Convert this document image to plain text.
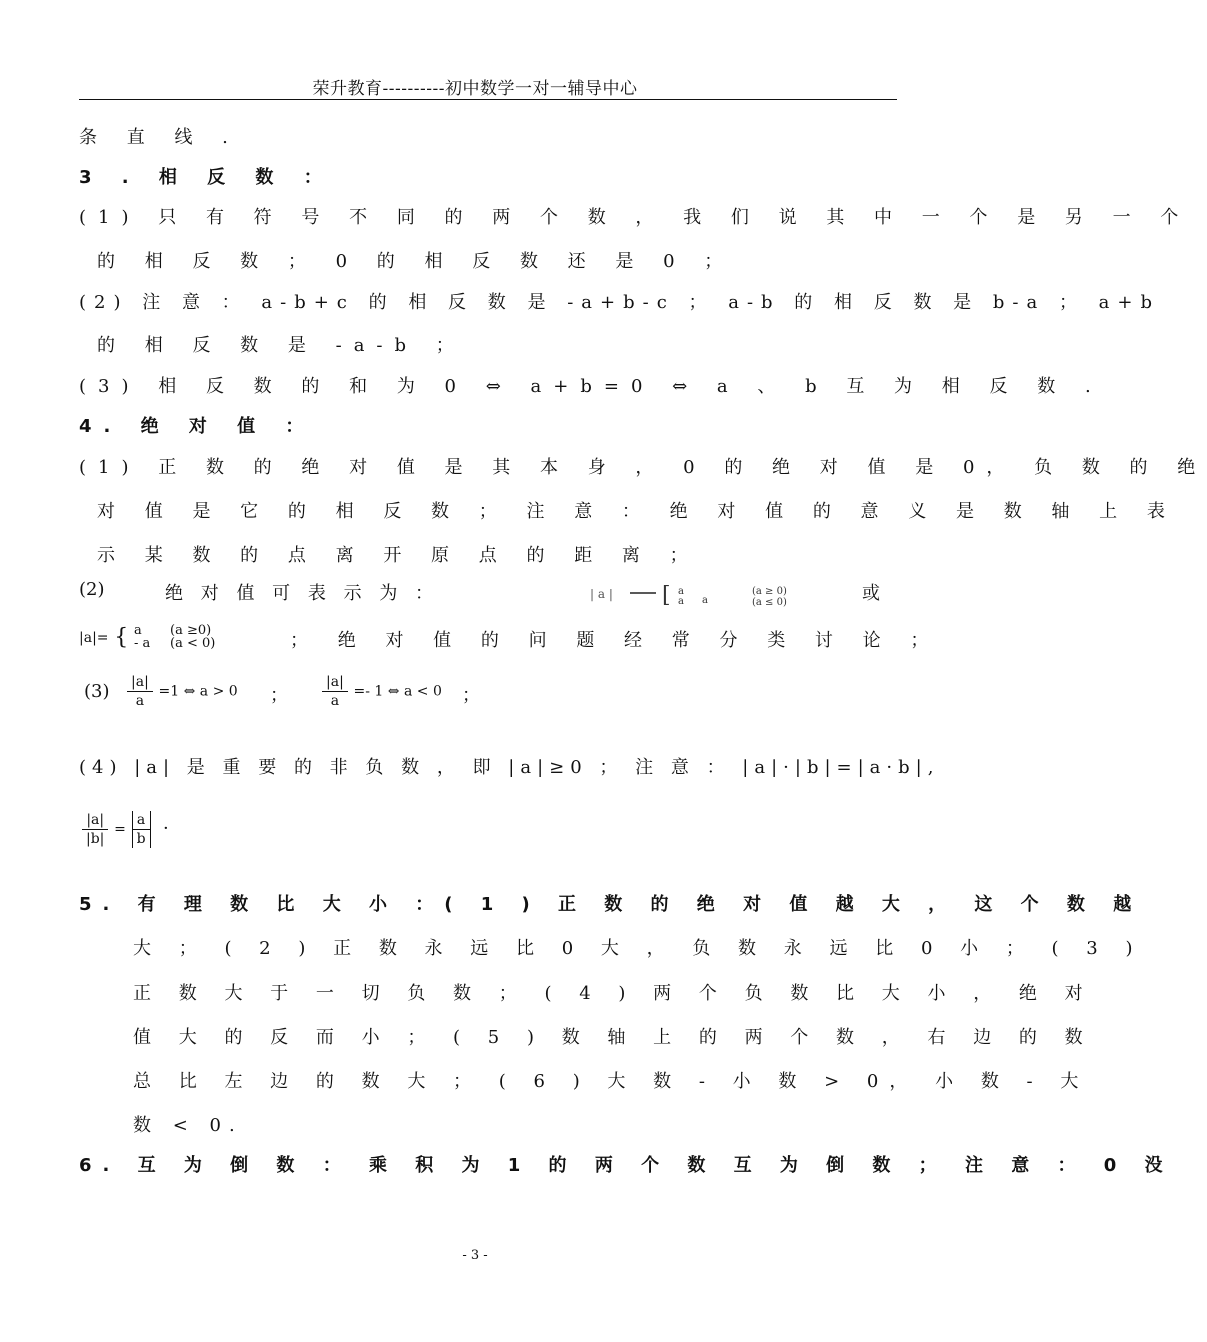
荣升教育----------初中数学一对一辅导中心
条 直 线 .
3 . 相 反 数 ：
(1) 只 有 符 号 不 同 的 两 个 数 ， 我 们 说 其 中 一 个 是 另 一 个
的 相 反 数 ； 0 的 相 反 数 还 是 0 ；
(2) 注 意 ： a-b+c 的 相 反 数 是 -a+b-c ； a-b 的 相 反 数 是 b-a ； a+b
的 相 反 数 是 -a-b ；
(3) 相 反 数 的 和 为 0 ⇔ a+b=0 ⇔ a 、 b 互 为 相 反 数 .
4. 绝 对 值 ：
(1) 正 数 的 绝 对 值 是 其 本 身 ， 0 的 绝 对 值 是 0， 负 数 的 绝
对 值 是 它 的 相 反 数 ； 注 意 ： 绝 对 值 的 意 义 是 数 轴 上 表
示 某 数 的 点 离 开 原 点 的 距 离 ；
(2)	绝 对 值 可 表 示 为 ：	| a | [ a
a a
(a ≥ 0)
(a ≤ 0)	或
|a|= { a
- a (a ≥0)
(a < 0)	； 绝 对 值 的 问 题 经 常 分 类 讨 论 ；
$(3) \frac{|a|}{a} =1$ ⇔ a > 0 ； $\frac{|a|}{a} =- 1$ ⇔ a < 0 ；
(4) |a| 是 重 要 的 非 负 数 ， 即 |a|≥0 ； 注 意 ： |a|·|b|=|a·b|,
$\frac{|a|}{|b|} = \frac{a}{b}$ ·
5. 有 理 数 比 大 小 ：( 1 ) 正 数 的 绝 对 值 越 大 ， 这 个 数 越
大 ； ( 2 ) 正 数 永 远 比 0 大 ， 负 数 永 远 比 0 小 ； ( 3 )
正 数 大 于 一 切 负 数 ； ( 4 ) 两 个 负 数 比 大 小 ， 绝 对
值 大 的 反 而 小 ； ( 5 ) 数 轴 上 的 两 个 数 ， 右 边 的 数
总 比 左 边 的 数 大 ； ( 6 ) 大 数 - 小 数 > 0， 小 数 - 大
数 < 0.
6. 互 为 倒 数 ： 乘 积 为 1 的 两 个 数 互 为 倒 数 ； 注 意 ： 0 没
- 3 -
